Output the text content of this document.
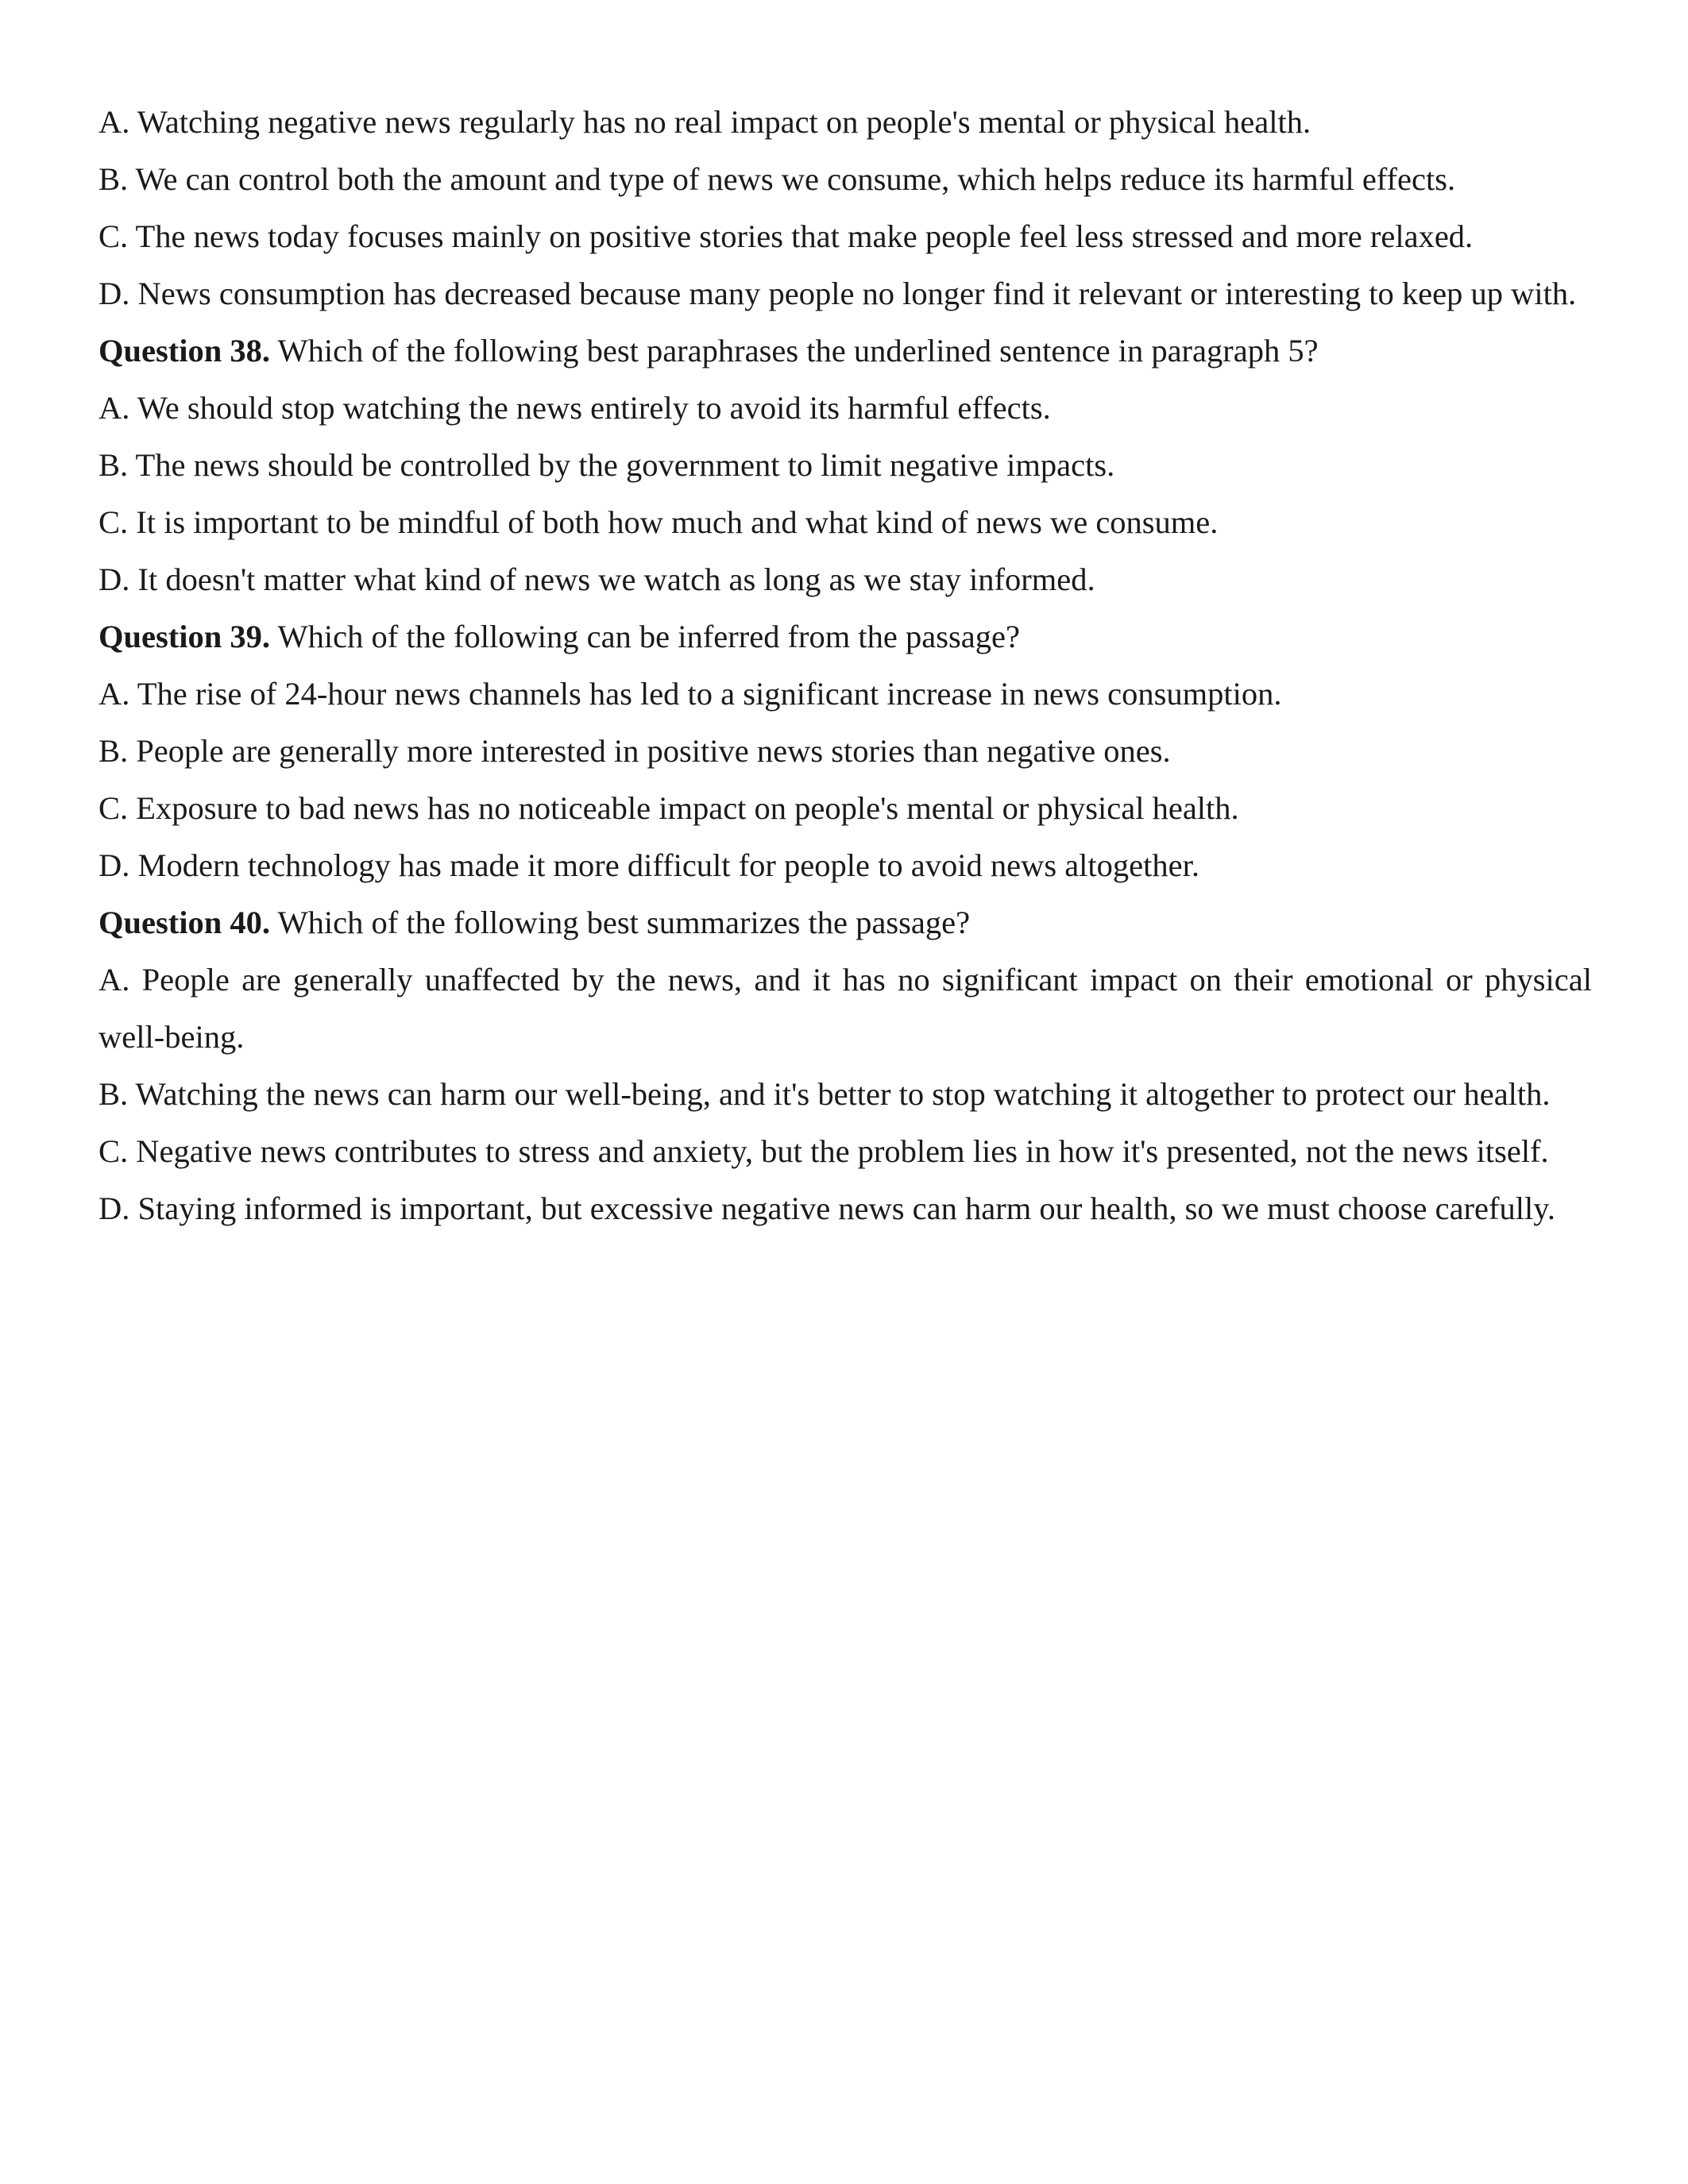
A. Watching negative news regularly has no real impact on people's mental or physical health.

B. We can control both the amount and type of news we consume, which helps reduce its harmful effects.

C. The news today focuses mainly on positive stories that make people feel less stressed and more relaxed.

D. News consumption has decreased because many people no longer find it relevant or interesting to keep up with.

Question 38. Which of the following best paraphrases the underlined sentence in paragraph 5?

A. We should stop watching the news entirely to avoid its harmful effects.

B. The news should be controlled by the government to limit negative impacts.

C. It is important to be mindful of both how much and what kind of news we consume.

D. It doesn't matter what kind of news we watch as long as we stay informed.

Question 39. Which of the following can be inferred from the passage?

A. The rise of 24-hour news channels has led to a significant increase in news consumption.

B. People are generally more interested in positive news stories than negative ones.

C. Exposure to bad news has no noticeable impact on people's mental or physical health.

D. Modern technology has made it more difficult for people to avoid news altogether.

Question 40. Which of the following best summarizes the passage?

A. People are generally unaffected by the news, and it has no significant impact on their emotional or physical well-being.

B. Watching the news can harm our well-being, and it's better to stop watching it altogether to protect our health.

C. Negative news contributes to stress and anxiety, but the problem lies in how it's presented, not the news itself.

D. Staying informed is important, but excessive negative news can harm our health, so we must choose carefully.
